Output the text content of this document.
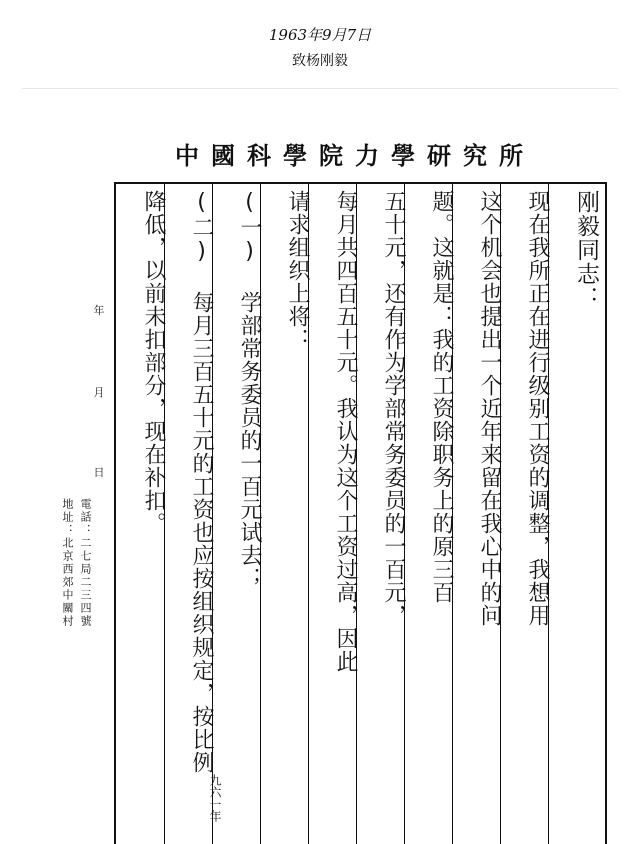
1963年9月7日
致杨刚毅
中國科學院力學研究所
年
月
日
電話：二七局二三四號
地址：北京西郊中關村
刚毅同志：
现在我所正在进行级别工资的调整，我想用
这个机会也提出一个近年来留在我心中的问
题。这就是：我的工资除职务上的原三百
五十元，还有作为学部常务委员的一百元，
每月共四百五十元。我认为这个工资过高，因此
请求组织上将：
(一) 学部常务委员的一百元试去；
(二) 每月三百五十元的工资也应按组织规定，按比例
降低，以前未扣部分，现在补扣。
九六一年
